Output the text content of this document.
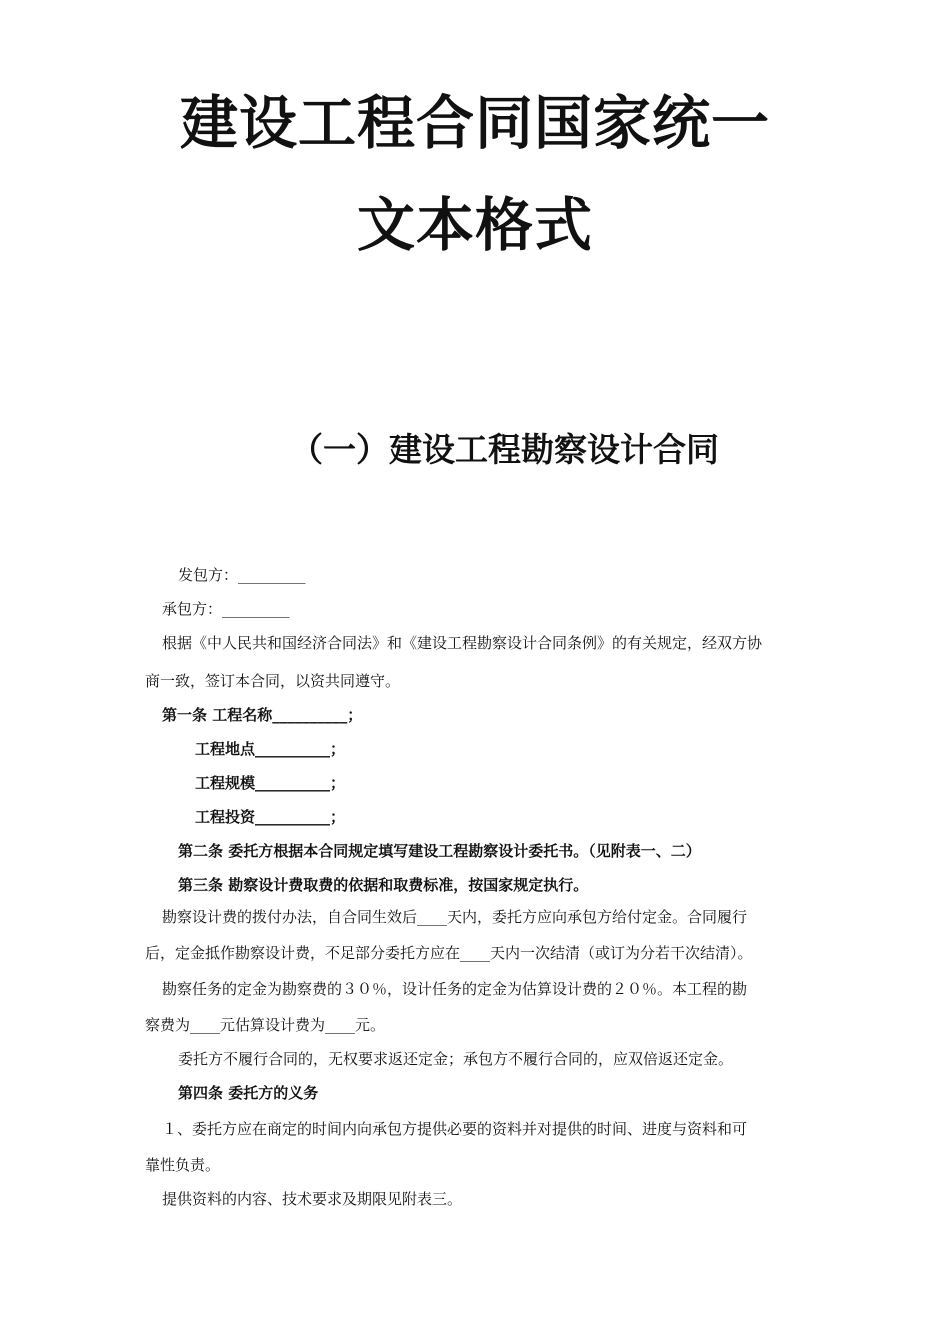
建设工程合同国家统一
文本格式
（一）建设工程勘察设计合同
发包方：_________
承包方：_________
根据《中人民共和国经济合同法》和《建设工程勘察设计合同条例》的有关规定，经双方协
商一致，签订本合同，以资共同遵守。
第一条 工程名称__________；
工程地点__________；
工程规模__________；
工程投资__________；
第二条 委托方根据本合同规定填写建设工程勘察设计委托书。（见附表一、二）
第三条 勘察设计费取费的依据和取费标准，按国家规定执行。
勘察设计费的拨付办法，自合同生效后____天内，委托方应向承包方给付定金。合同履行
后，定金抵作勘察设计费，不足部分委托方应在____天内一次结清（或订为分若干次结清）。
勘察任务的定金为勘察费的３０％，设计任务的定金为估算设计费的２０％。本工程的勘
察费为____元估算设计费为____元。
委托方不履行合同的，无权要求返还定金；承包方不履行合同的，应双倍返还定金。
第四条 委托方的义务
１、委托方应在商定的时间内向承包方提供必要的资料并对提供的时间、进度与资料和可
靠性负责。
提供资料的内容、技术要求及期限见附表三。
